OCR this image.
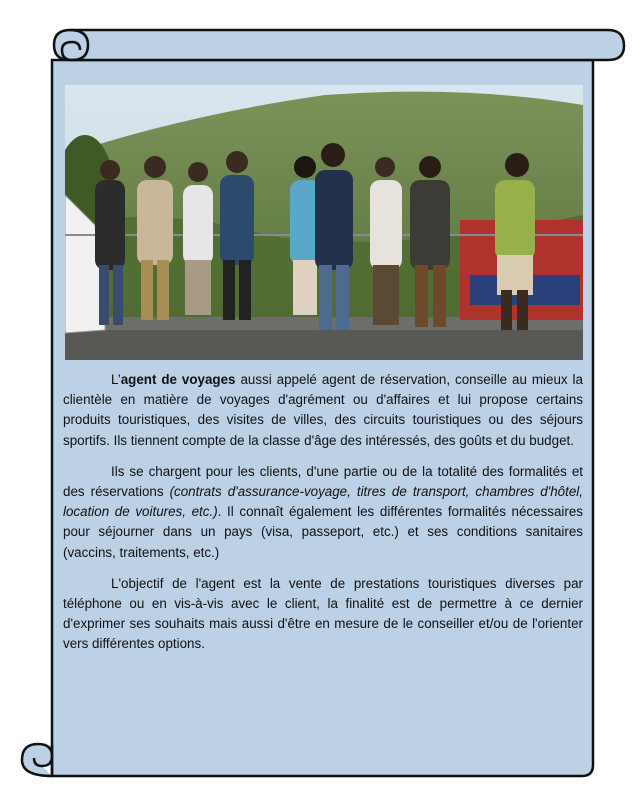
L’agent de voyages aussi appelé agent de réservation, conseille au mieux la clientèle en matière de voyages d'agrément ou d'affaires et lui propose certains produits touristiques, des visites de villes, des circuits touristiques ou des séjours sportifs. Ils tiennent compte de la classe d'âge des intéressés, des goûts et du budget.

Ils se chargent pour les clients, d'une partie ou de la totalité des formalités et des réservations (contrats d'assurance-voyage, titres de transport, chambres d'hôtel, location de voitures, etc.). Il connaît également les différentes formalités nécessaires pour séjourner dans un pays (visa, passeport, etc.) et ses conditions sanitaires (vaccins, traitements, etc.)

L'objectif de l'agent est la vente de prestations touristiques diverses par téléphone ou en vis-à-vis avec le client, la finalité est de permettre à ce dernier d'exprimer ses souhaits mais aussi d'être en mesure de le conseiller et/ou de l'orienter vers différentes options.
